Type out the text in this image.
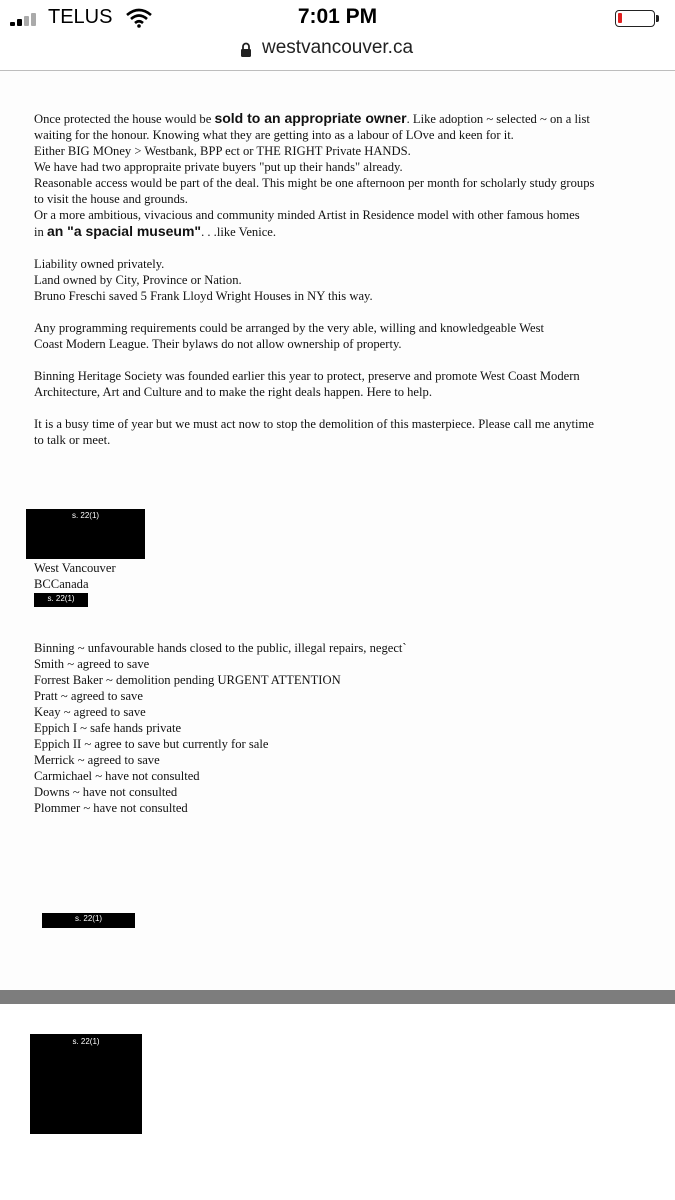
TELUS	7:01 PM
westvancouver.ca
Once protected the house would be sold to an appropriate owner. Like adoption ~ selected ~ on a list
waiting for the honour. Knowing what they are getting into as a labour of LOve and keen for it.
Either BIG MOney > Westbank, BPP ect or THE RIGHT Private HANDS.
We have had two appropraite private buyers "put up their hands" already.
Reasonable access would be part of the deal. This might be one afternoon per month for scholarly study groups
to visit the house and grounds.
Or a more ambitious, vivacious and community minded Artist in Residence model with other famous homes
in an "a spacial museum". . .like Venice.
Liability owned privately.
Land owned by City, Province or Nation.
Bruno Freschi saved 5 Frank Lloyd Wright Houses in NY this way.
Any programming requirements could be arranged by the very able, willing and knowledgeable West
Coast Modern League. Their bylaws do not allow ownership of property.
Binning Heritage Society was founded earlier this year to protect, preserve and promote West Coast Modern
Architecture, Art and Culture and to make the right deals happen. Here to help.
It is a busy time of year but we must act now to stop the demolition of this masterpiece. Please call me anytime
to talk or meet.
s. 22(1)
West Vancouver
BCCanada
s. 22(1)
Binning ~ unfavourable hands closed to the public, illegal repairs, negect`
Smith ~ agreed to save
Forrest Baker ~ demolition pending URGENT ATTENTION
Pratt ~ agreed to save
Keay ~ agreed to save
Eppich I ~ safe hands private
Eppich II ~ agree to save but currently for sale
Merrick ~ agreed to save
Carmichael ~ have not consulted
Downs ~ have not consulted
Plommer ~ have not consulted
s. 22(1)
s. 22(1)
